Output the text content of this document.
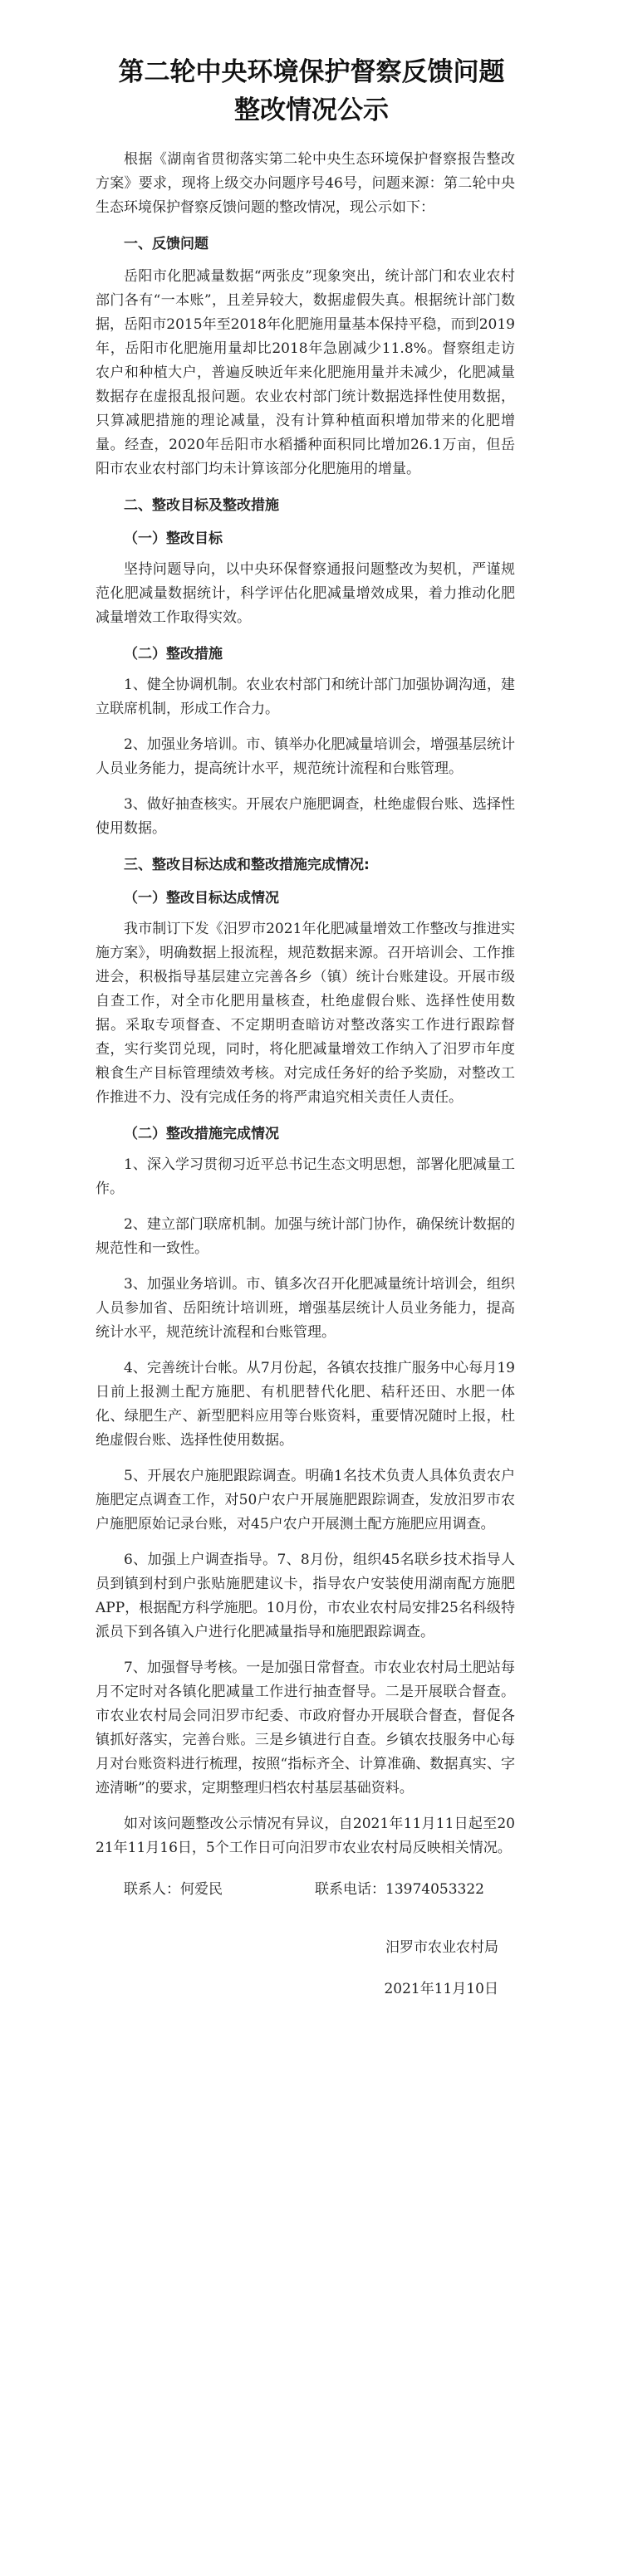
第二轮中央环境保护督察反馈问题
整改情况公示

根据《湖南省贯彻落实第二轮中央生态环境保护督察报告整改方案》要求，现将上级交办问题序号46号，问题来源：第二轮中央生态环境保护督察反馈问题的整改情况，现公示如下：

一、反馈问题

岳阳市化肥减量数据“两张皮”现象突出，统计部门和农业农村部门各有“一本账”，且差异较大，数据虚假失真。根据统计部门数据，岳阳市2015年至2018年化肥施用量基本保持平稳，而到2019年，岳阳市化肥施用量却比2018年急剧减少11.8%。督察组走访农户和种植大户，普遍反映近年来化肥施用量并未减少，化肥减量数据存在虚报乱报问题。农业农村部门统计数据选择性使用数据，只算减肥措施的理论减量，没有计算种植面积增加带来的化肥增量。经查，2020年岳阳市水稻播种面积同比增加26.1万亩，但岳阳市农业农村部门均未计算该部分化肥施用的增量。

二、整改目标及整改措施
（一）整改目标

坚持问题导向，以中央环保督察通报问题整改为契机，严谨规范化肥减量数据统计，科学评估化肥减量增效成果，着力推动化肥减量增效工作取得实效。

（二）整改措施

1、健全协调机制。农业农村部门和统计部门加强协调沟通，建立联席机制，形成工作合力。

2、加强业务培训。市、镇举办化肥减量培训会，增强基层统计人员业务能力，提高统计水平，规范统计流程和台账管理。

3、做好抽查核实。开展农户施肥调查，杜绝虚假台账、选择性使用数据。

三、整改目标达成和整改措施完成情况:
（一）整改目标达成情况

我市制订下发《汨罗市2021年化肥减量增效工作整改与推进实施方案》，明确数据上报流程，规范数据来源。召开培训会、工作推进会，积极指导基层建立完善各乡（镇）统计台账建设。开展市级自查工作，对全市化肥用量核查，杜绝虚假台账、选择性使用数据。采取专项督查、不定期明查暗访对整改落实工作进行跟踪督查，实行奖罚兑现，同时，将化肥减量增效工作纳入了汨罗市年度粮食生产目标管理绩效考核。对完成任务好的给予奖励，对整改工作推进不力、没有完成任务的将严肃追究相关责任人责任。

（二）整改措施完成情况

1、深入学习贯彻习近平总书记生态文明思想，部署化肥减量工作。

2、建立部门联席机制。加强与统计部门协作，确保统计数据的规范性和一致性。

3、加强业务培训。市、镇多次召开化肥减量统计培训会，组织人员参加省、岳阳统计培训班，增强基层统计人员业务能力，提高统计水平，规范统计流程和台账管理。

4、完善统计台帐。从7月份起，各镇农技推广服务中心每月19日前上报测土配方施肥、有机肥替代化肥、秸秆还田、水肥一体化、绿肥生产、新型肥料应用等台账资料，重要情况随时上报，杜绝虚假台账、选择性使用数据。

5、开展农户施肥跟踪调查。明确1名技术负责人具体负责农户施肥定点调查工作，对50户农户开展施肥跟踪调查，发放汨罗市农户施肥原始记录台账，对45户农户开展测土配方施肥应用调查。

6、加强上户调查指导。7、8月份，组织45名联乡技术指导人员到镇到村到户张贴施肥建议卡，指导农户安装使用湖南配方施肥APP，根据配方科学施肥。10月份，市农业农村局安排25名科级特派员下到各镇入户进行化肥减量指导和施肥跟踪调查。

7、加强督导考核。一是加强日常督查。市农业农村局土肥站每月不定时对各镇化肥减量工作进行抽查督导。二是开展联合督查。市农业农村局会同汨罗市纪委、市政府督办开展联合督查，督促各镇抓好落实，完善台账。三是乡镇进行自查。乡镇农技服务中心每月对台账资料进行梳理，按照“指标齐全、计算准确、数据真实、字迹清晰”的要求，定期整理归档农村基层基础资料。

如对该问题整改公示情况有异议，自2021年11月11日起至2021年11月16日，5个工作日可向汨罗市农业农村局反映相关情况。

联系人：何爱民	联系电话：13974053322
汨罗市农业农村局
2021年11月10日
